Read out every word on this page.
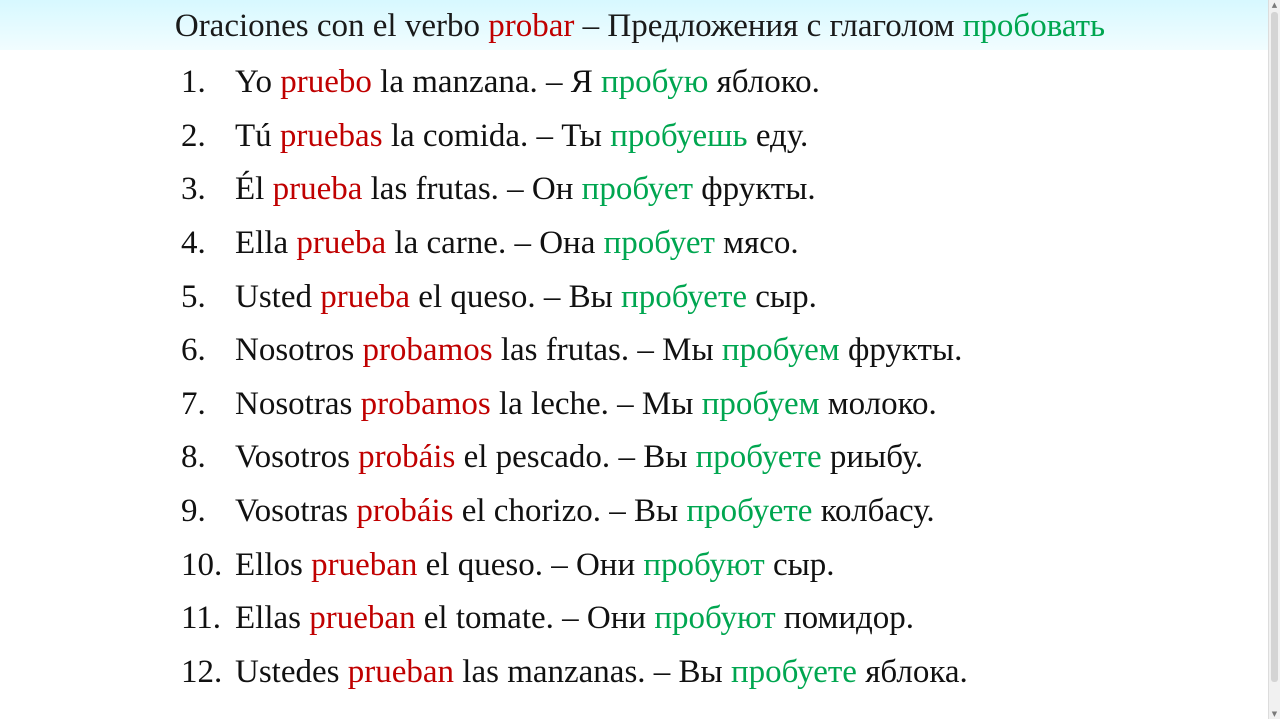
Oraciones con el verbo probar – Предложения с глаголом пробовать
1. Yo
pruebo
la manzana.
– Я
пробую
яблоко.
2. Tú
pruebas
la comida.
– Ты
пробуешь
еду.
3. Él
prueba
las frutas.
– Он
пробует
фрукты.
4. Ella
prueba
la carne.
– Она
пробует
мясо.
5. Usted
prueba
el queso.
– Вы
пробуете
сыр.
6. Nosotros
probamos
las frutas.
– Мы
пробуем
фрукты.
7. Nosotras
probamos
la leche.
– Мы
пробуем
молоко.
8. Vosotros
probáis
el pescado.
– Вы
пробуете
риыбу.
9. Vosotras
probáis
el chorizo.
– Вы
пробуете
колбасу.
10. Ellos
prueban
el queso.
– Они
пробуют
сыр.
11. Ellas
prueban
el tomate.
– Они
пробуют
помидор.
12. Ustedes
prueban
las manzanas.
– Вы
пробуете
яблока.
▲
▼
